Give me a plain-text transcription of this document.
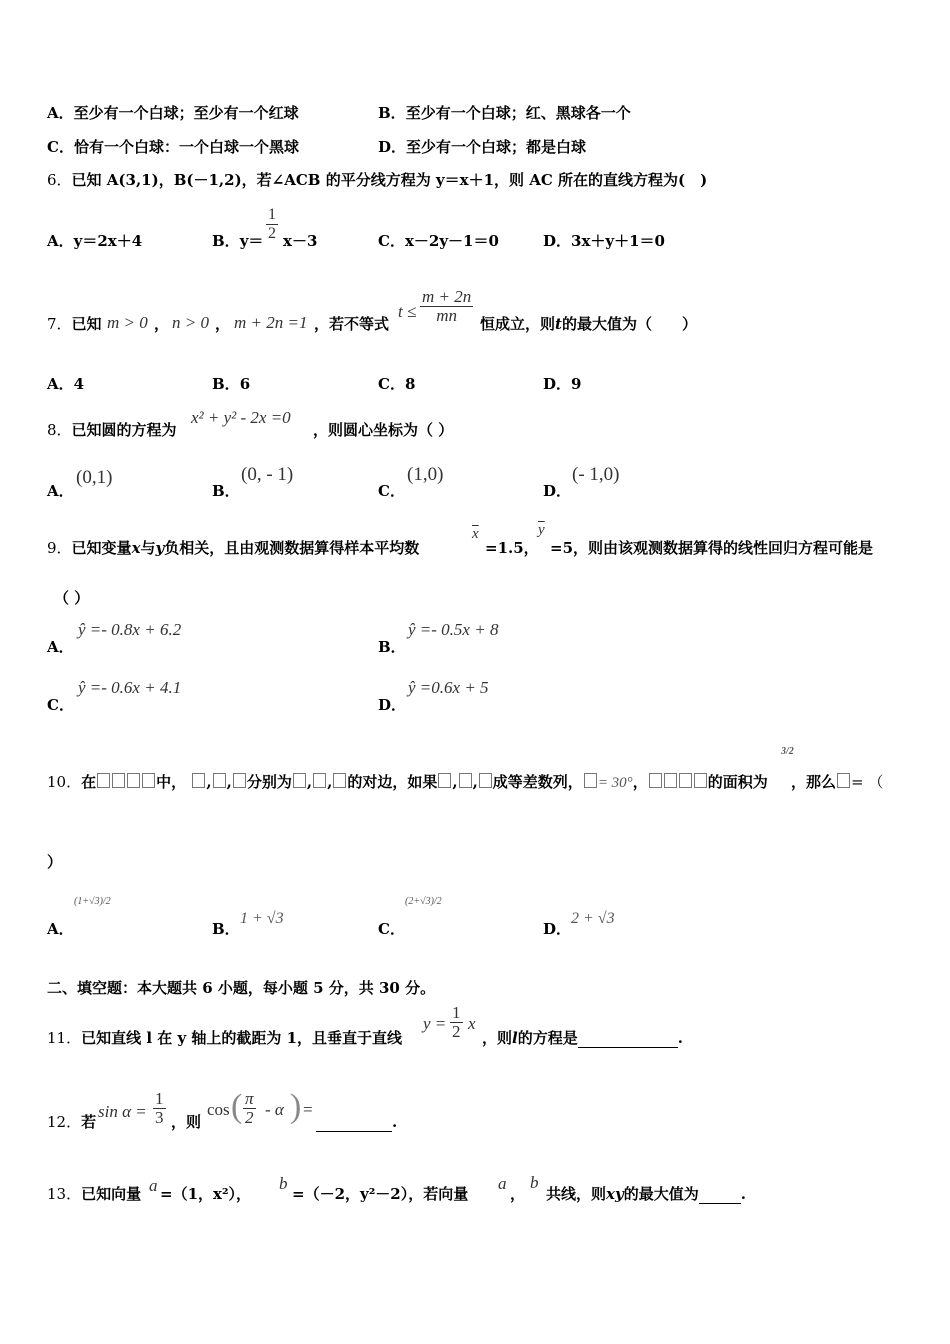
A．至少有一个白球；至少有一个红球	B．至少有一个白球；红、黑球各一个
C．恰有一个白球：一个白球一个黑球	D．至少有一个白球；都是白球
6．已知 A(3,1)，B(－1,2)，若∠ACB 的平分线方程为 y＝x＋1，则 AC 所在的直线方程为(　)
A．y＝2x＋4	B．$y= \frac{1}{2} x-3$	C．x－2y－1＝0	D．3x＋y＋1＝0
7．已知 m > 0 ， n > 0 ， m + 2n =1 ，若不等式
$t \le \frac{m + 2n}{mn}$ 恒成立，则t的最大值为（　　）
A．4	B．6	C．8	D．9
8．已知圆的方程为
x² + y² - 2x =0
，则圆心坐标为（ ）
A．
(0,1)
B．
(0, - 1)
C．
(1,0)
D．
(- 1,0)
9．已知变量x与y负相关，且由观测数据算得样本平均数
$\overline{x}$
=1.5，
$\overline{y}$
=5，则由该观测数据算得的线性回归方程可能是
（ ）
A．
ŷ =- 0.8x + 6.2
B．
ŷ =- 0.5x + 8
C．
ŷ =- 0.6x + 4.1
D．
ŷ =0.6x + 5
10．在	中， , , 分别为 , , 的对边，如果 , , 成等差数列， = 30°，	的面积为
3/2
，那么 = （
）
A．
(1+√3)/2
B．
1 + √3
C．
(2+√3)/2
D．
2 + √3
二、填空题：本大题共 6 小题，每小题 5 分，共 30 分。
11．已知直线 l 在 y 轴上的截距为 1，且垂直于直线
$y = \frac{1}{2}$ x
，则l的方程是	.
12．若
$\sin \alpha = \frac{1}{3}$ ，则
cos ( $\frac{\pi}{2}$ - α ) =
.
13．已知向量 a =（1，x²），
b
=（－2，y²－2），若向量
a
，
b
共线，则xy的最大值为	.
